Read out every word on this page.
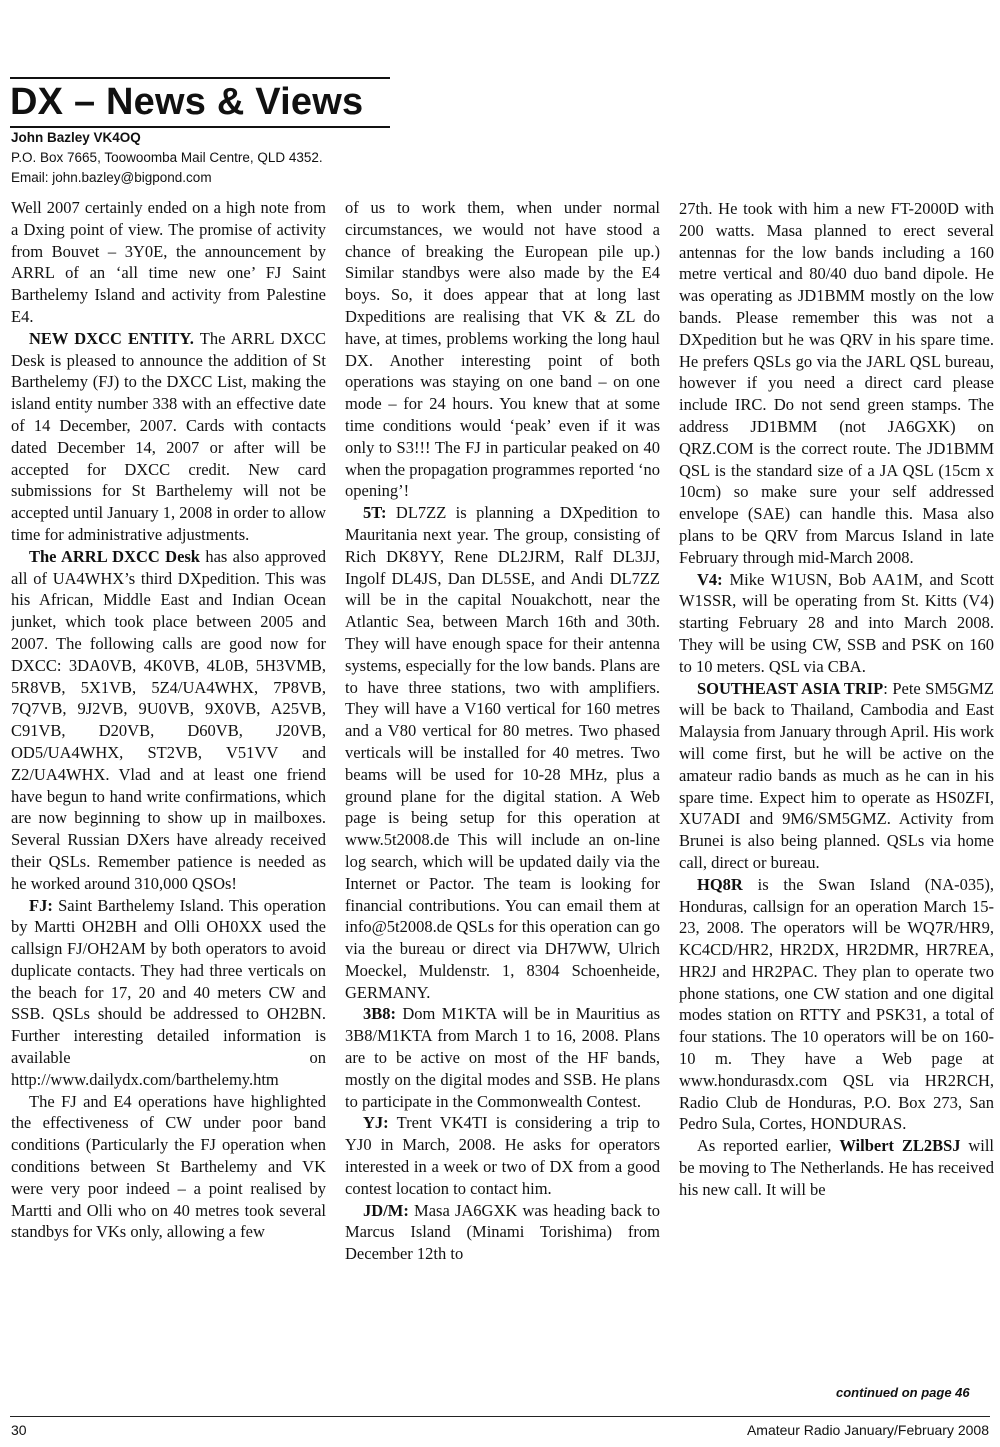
DX – News & Views
John Bazley VK4OQ
P.O. Box 7665, Toowoomba Mail Centre, QLD 4352.
Email: john.bazley@bigpond.com

Well 2007 certainly ended on a high note from a Dxing point of view. The promise of activity from Bouvet – 3Y0E, the announcement by ARRL of an ‘all time new one’ FJ Saint Barthelemy Island and activity from Palestine E4.

NEW DXCC ENTITY. The ARRL DXCC Desk is pleased to announce the addition of St Barthelemy (FJ) to the DXCC List, making the island entity number 338 with an effective date of 14 December, 2007. Cards with contacts dated December 14, 2007 or after will be accepted for DXCC credit. New card submissions for St Barthelemy will not be accepted until January 1, 2008 in order to allow time for administrative adjustments.

The ARRL DXCC Desk has also approved all of UA4WHX’s third DXpedition. This was his African, Middle East and Indian Ocean junket, which took place between 2005 and 2007. The following calls are good now for DXCC: 3DA0VB, 4K0VB, 4L0B, 5H3VMB, 5R8VB, 5X1VB, 5Z4/UA4WHX, 7P8VB, 7Q7VB, 9J2VB, 9U0VB, 9X0VB, A25VB, C91VB, D20VB, D60VB, J20VB, OD5/UA4WHX, ST2VB, V51VV and Z2/UA4WHX. Vlad and at least one friend have begun to hand write confirmations, which are now beginning to show up in mailboxes. Several Russian DXers have already received their QSLs. Remember patience is needed as he worked around 310,000 QSOs!

FJ: Saint Barthelemy Island. This operation by Martti OH2BH and Olli OH0XX used the callsign FJ/OH2AM by both operators to avoid duplicate contacts. They had three verticals on the beach for 17, 20 and 40 meters CW and SSB. QSLs should be addressed to OH2BN. Further interesting detailed information is available on http://www.dailydx.com/barthelemy.htm

The FJ and E4 operations have highlighted the effectiveness of CW under poor band conditions (Particularly the FJ operation when conditions between St Barthelemy and VK were very poor indeed – a point realised by Martti and Olli who on 40 metres took several standbys for VKs only, allowing a few

of us to work them, when under normal circumstances, we would not have stood a chance of breaking the European pile up.) Similar standbys were also made by the E4 boys. So, it does appear that at long last Dxpeditions are realising that VK & ZL do have, at times, problems working the long haul DX. Another interesting point of both operations was staying on one band – on one mode – for 24 hours. You knew that at some time conditions would ‘peak’ even if it was only to S3!!! The FJ in particular peaked on 40 when the propagation programmes reported ‘no opening’!

5T: DL7ZZ is planning a DXpedition to Mauritania next year. The group, consisting of Rich DK8YY, Rene DL2JRM, Ralf DL3JJ, Ingolf DL4JS, Dan DL5SE, and Andi DL7ZZ will be in the capital Nouakchott, near the Atlantic Sea, between March 16th and 30th. They will have enough space for their antenna systems, especially for the low bands. Plans are to have three stations, two with amplifiers. They will have a V160 vertical for 160 metres and a V80 vertical for 80 metres. Two phased verticals will be installed for 40 metres. Two beams will be used for 10-28 MHz, plus a ground plane for the digital station. A Web page is being setup for this operation at www.5t2008.de This will include an on-line log search, which will be updated daily via the Internet or Pactor. The team is looking for financial contributions. You can email them at info@5t2008.de QSLs for this operation can go via the bureau or direct via DH7WW, Ulrich Moeckel, Muldenstr. 1, 8304 Schoenheide, GERMANY.

3B8: Dom M1KTA will be in Mauritius as 3B8/M1KTA from March 1 to 16, 2008. Plans are to be active on most of the HF bands, mostly on the digital modes and SSB. He plans to participate in the Commonwealth Contest.

YJ: Trent VK4TI is considering a trip to YJ0 in March, 2008. He asks for operators interested in a week or two of DX from a good contest location to contact him.

JD/M: Masa JA6GXK was heading back to Marcus Island (Minami Torishima) from December 12th to

27th. He took with him a new FT-2000D with 200 watts. Masa planned to erect several antennas for the low bands including a 160 metre vertical and 80/40 duo band dipole. He was operating as JD1BMM mostly on the low bands. Please remember this was not a DXpedition but he was QRV in his spare time. He prefers QSLs go via the JARL QSL bureau, however if you need a direct card please include IRC. Do not send green stamps. The address JD1BMM (not JA6GXK) on QRZ.COM is the correct route. The JD1BMM QSL is the standard size of a JA QSL (15cm x 10cm) so make sure your self addressed envelope (SAE) can handle this. Masa also plans to be QRV from Marcus Island in late February through mid-March 2008.

V4: Mike W1USN, Bob AA1M, and Scott W1SSR, will be operating from St. Kitts (V4) starting February 28 and into March 2008. They will be using CW, SSB and PSK on 160 to 10 meters. QSL via CBA.

SOUTHEAST ASIA TRIP: Pete SM5GMZ will be back to Thailand, Cambodia and East Malaysia from January through April. His work will come first, but he will be active on the amateur radio bands as much as he can in his spare time. Expect him to operate as HS0ZFI, XU7ADI and 9M6/SM5GMZ. Activity from Brunei is also being planned. QSLs via home call, direct or bureau.

HQ8R is the Swan Island (NA-035), Honduras, callsign for an operation March 15-23, 2008. The operators will be WQ7R/HR9, KC4CD/HR2, HR2DX, HR2DMR, HR7REA, HR2J and HR2PAC. They plan to operate two phone stations, one CW station and one digital modes station on RTTY and PSK31, a total of four stations. The 10 operators will be on 160-10 m. They have a Web page at www.hondurasdx.com QSL via HR2RCH, Radio Club de Honduras, P.O. Box 273, San Pedro Sula, Cortes, HONDURAS.

As reported earlier, Wilbert ZL2BSJ will be moving to The Netherlands. He has received his new call. It will be

continued on page 46
30	Amateur Radio January/February 2008
